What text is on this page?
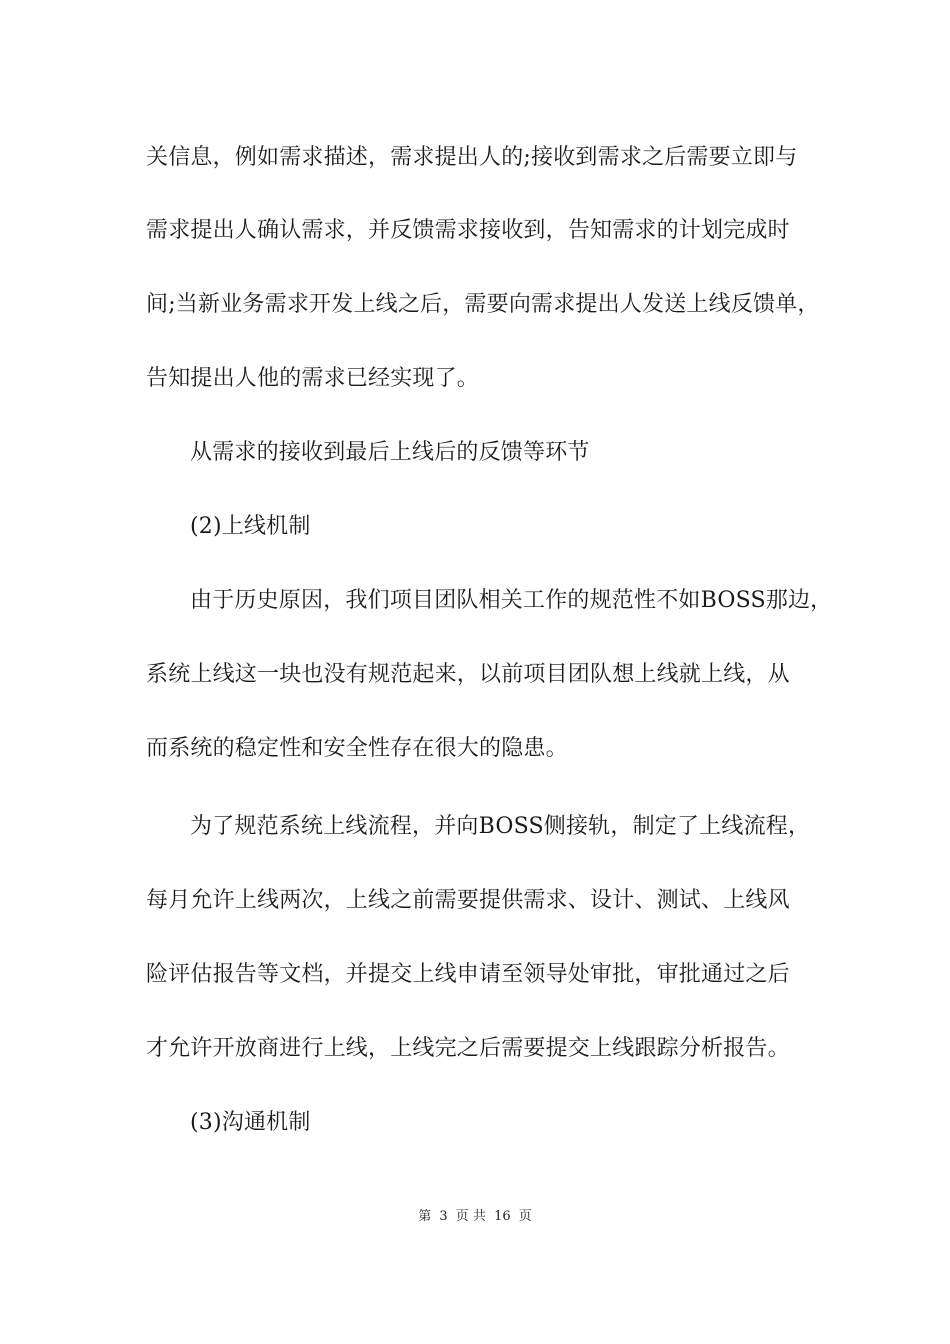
关信息，例如需求描述，需求提出人的;接收到需求之后需要立即与
需求提出人确认需求，并反馈需求接收到，告知需求的计划完成时
间;当新业务需求开发上线之后，需要向需求提出人发送上线反馈单，
告知提出人他的需求已经实现了。
从需求的接收到最后上线后的反馈等环节
(2)上线机制
由于历史原因，我们项目团队相关工作的规范性不如BOSS那边，
系统上线这一块也没有规范起来，以前项目团队想上线就上线，从
而系统的稳定性和安全性存在很大的隐患。
为了规范系统上线流程，并向BOSS侧接轨，制定了上线流程，
每月允许上线两次，上线之前需要提供需求、设计、测试、上线风
险评估报告等文档，并提交上线申请至领导处审批，审批通过之后
才允许开放商进行上线，上线完之后需要提交上线跟踪分析报告。
(3)沟通机制
第 3 页 共 16 页
